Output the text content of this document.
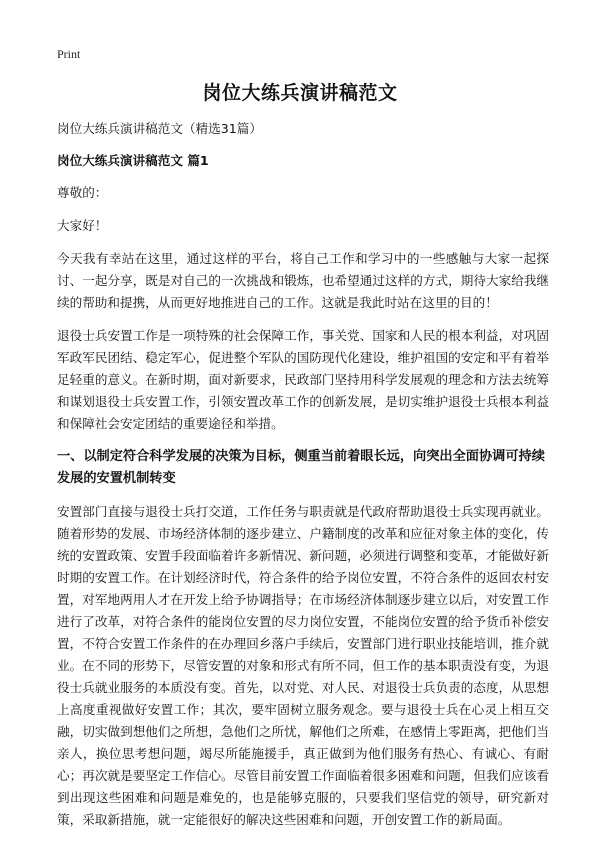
Print
岗位大练兵演讲稿范文

岗位大练兵演讲稿范文（精选31篇）

岗位大练兵演讲稿范文 篇1

尊敬的：

大家好！

今天我有幸站在这里，通过这样的平台，将自己工作和学习中的一些感触与大家一起探讨、一起分享，既是对自己的一次挑战和锻炼，也希望通过这样的方式，期待大家给我继续的帮助和提携，从而更好地推进自己的工作。这就是我此时站在这里的目的！

退役士兵安置工作是一项特殊的社会保障工作，事关党、国家和人民的根本利益，对巩固军政军民团结、稳定军心，促进整个军队的国防现代化建设，维护祖国的安定和平有着举足轻重的意义。在新时期，面对新要求，民政部门坚持用科学发展观的理念和方法去统筹和谋划退役士兵安置工作，引领安置改革工作的创新发展，是切实维护退役士兵根本利益和保障社会安定团结的重要途径和举措。

一、以制定符合科学发展的决策为目标，侧重当前着眼长远，向突出全面协调可持续发展的安置机制转变

安置部门直接与退役士兵打交道，工作任务与职责就是代政府帮助退役士兵实现再就业。随着形势的发展、市场经济体制的逐步建立、户籍制度的改革和应征对象主体的变化，传统的安置政策、安置手段面临着许多新情况、新问题，必须进行调整和变革，才能做好新时期的安置工作。在计划经济时代，符合条件的给予岗位安置，不符合条件的返回农村安置，对军地两用人才在开发上给予协调指导；在市场经济体制逐步建立以后，对安置工作进行了改革，对符合条件的能岗位安置的尽力岗位安置，不能岗位安置的给予货币补偿安置，不符合安置工作条件的在办理回乡落户手续后，安置部门进行职业技能培训，推介就业。在不同的形势下，尽管安置的对象和形式有所不同，但工作的基本职责没有变，为退役士兵就业服务的本质没有变。首先，以对党、对人民、对退役士兵负责的态度，从思想上高度重视做好安置工作；其次，要牢固树立服务观念。要与退役士兵在心灵上相互交融，切实做到想他们之所想，急他们之所忧，解他们之所难，在感情上零距离，把他们当亲人，换位思考想问题，竭尽所能施援手，真正做到为他们服务有热心、有诚心、有耐心；再次就是要坚定工作信心。尽管目前安置工作面临着很多困难和问题，但我们应该看到出现这些困难和问题是难免的，也是能够克服的，只要我们坚信党的领导，研究新对策，采取新措施，就一定能很好的解决这些困难和问题，开创安置工作的新局面。
